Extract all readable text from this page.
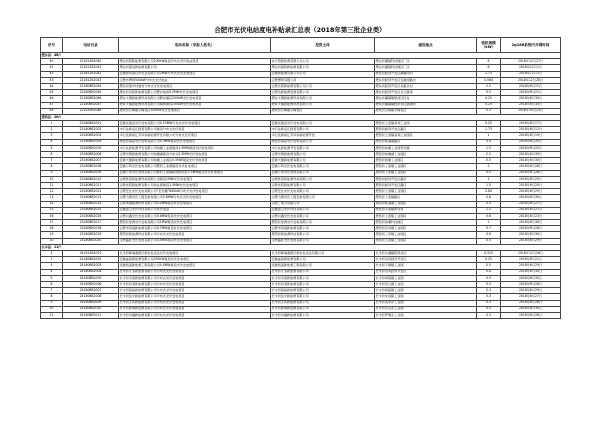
合肥市光伏电站度电补贴录汇总表（2018年第三批企业类）
序号	电站目录	电站名称（申报人姓名）	投资主体	建设地点	装机规模（kW）	2g186系统内并网时间
肥东县：48户						
40	221812B2040	肥东县阳新能源有限公司100kW屋顶分布式光伏电站项目	东方阳新能源有限公司公司	肥东县撮镇科技园区厂区	6	2018年12月27日
41	221812B2041	肥东县富发新能源有限公司	肥东县富和新能源有限公司	肥东县撮镇科技园区厂区	8	2018年12月1日
42	221812B2042	安徽新希望白帝乳业有限公司2MW分布式光伏发电项目	安徽新能源有限公司公司	肥东县经济开发区撮镇园内	1.73	2018年12月1日
43	221812B2043	合肥市博利500kW分布式光伏电站	合肥博利有限公司	肥东县经济开发区安徽园路内	0.584	2018年12月28日
44	221806B2044	肥东县建中材建材分布式光伏发电项目	合肥光照新能源有限公司公司	肥东县经济开发区东路北村	2.5	2018年6月21日
45	221806B2045	肥东县众新新能源有限公司肥东枝桥0.2MW光伏发电项目	合肥众新能源发展有限公司	肥东县经济开发区长江路南	0.5	2018年6月21日
46	221806B2046	肥东天顺新能源科技有限公司肥东镇区250kW光伏发电项目	肥东天顺新能源科技有限公司	肥东县撮镇镇德昌庆区村	0.25	2018年6月30日
47	221806B2047	肥东天顺新能源科技有限公司梅林屋顶250kW光伏发电项目	肥东天顺新能源科技有限公司	肥东县撮镇镇经济东区路道村	0.25	2018年6月30日
48	221810B2048	肥东县元峰镇元峰社区300kW光伏发电项目	肥东县元峰镇元峰社区	肥东县元峰镇元峰社区	0.3	2018年10月23日
肥西县：20户						
1	231808B2001	安徽省建昌光伏发电有限公司0.25MW分布式光伏发电项目	安徽省建昌光伏发电有限公司	肥西县上派镇高刘工业园	0.25	2018年8月17日
2	231806B2002	中石化新安江经营有限公司屋顶分布式光伏项目	中石化新安江经营有限公司	肥西县经济开发区路区	1.73	2018年6月12日
3	231806B2003	中石化新星江苏华东新能源开发有限公司分布式光伏项目	中石化新星江苏华东新能源开发	肥西县上派镇高刘工业园区	1	2018年6月19日
4	231806B2004	肥西县海铭光伏发电有限公司0.3MW屋顶光伏发电项目	肥西县海铭光伏发电有限公司	肥西县紫蓬镇路区	0.3	2018年6月20日
5	231806B2005	中石化新能源开发有限公司柏堰工业园屋顶1.5MW屋顶光伏发电项目	中石化新能源开发有限公司	肥西县柏堰工业园科学路	1.5	2018年6月22日
6	231806B2006	合肥光明新能源有限公司柏堰湖屋顶分布式2.5MW光伏发电项目	合肥光明新能源有限公司	肥西县柏堰湖工业园区	2.5	2018年6月30日
7	231806B2007	安徽天聚新能源有限公司柏堰工业园区0.5MW屋顶光伏发电项目	安徽天聚新能源有限公司	肥西县柏堰工业园区	0.5	2018年6月30日
8	231806B2008	安徽万利光伏发电有限公司肥西工业园屋顶光伏发电项目	安徽万利光伏发电有限公司	肥西县上派镇工业园区	2	2018年6月28日
9	231806B2009	安徽万利光伏发电有限公司肥西上派镇新能源项目0.5MW屋顶光伏发电项目	安徽万利光伏发电有限公司	肥西县上派镇工业园区	0.5	2018年6月28日
10	231806B2010	合肥欣荣新能源科技有限公司屋顶1MW光伏发电项目	合肥欣荣新能源科技有限公司	肥西县经济开发区路区	1	2018年6月29日
11	231806B2011	合肥光阳新能源有限公司创业园屋顶1.5MW光伏发电项目	合肥光阳新能源有限公司	肥西县经济开发区路区	1.5	2018年6月20日
12	231806B2012	合肥宏达光伏发电有限公司“宏光棚”840kW分布式光伏发电项目	合肥宏达光伏发电有限公司	肥西县上派镇工业园区	0.84	2018年6月29日
13	231806B2013	合肥力源光伏工程安装有限公司0.8MW分布式光伏发电项目	合肥力源光伏工程安装有限公司	肥西县上派镇路区	0.8	2018年6月30日
14	231806B2014	合肥琦瑞能源材料有限公司0.3MW屋顶光伏发电项目	合肥二电力有限公司	肥西县紫蓬镇工业园区	0.3	2018年6月27日
15	231806B2015	安徽盈合光伏科技有限公司光伏电站	安徽盈合光伏科技有限公司	肥西县山南镇新村村	1.2	2018年6月21日
16	231806B2016	合肥兴鑫光伏发电有限公司0.6MW屋顶光伏发电项目	合肥兴鑫光伏发电有限公司	肥西县上派镇工业园区	0.6	2018年6月23日
17	231806B2017	肥西县金源光伏发电有限公司1MW屋顶光伏发电项目	肥西县金源光伏发电有限公司	肥西县柏堰科技园区	1	2018年6月30日
18	231806B2018	合肥市佰盛新能源有限公司0.7MW屋顶光伏发电项目	合肥市佰盛新能源有限公司	肥西县花岗镇工业园区	0.7	2018年6月28日
19	231806B2019	肥西县新能源科技有限公司分布式光伏发电项目	肥西县新能源科技有限公司	肥西县三河镇工业园区	0.9	2018年6月30日
20	231806B2020	合肥晶旺光伏发电有限公司0.5MW屋顶光伏发电项目	合肥晶旺光伏发电有限公司	肥西县上派镇工业园区	0.5	2018年6月29日
长丰县：11户						
1	241812B2001	长丰县晖瑞通德庆新农发农业光伏发电项目	长丰县晖瑞通德庆新农发农业有限公司	长丰县水湖镇陈郢社区	0.315	2018年12月26日
2	241806B2002	安徽晶凯新能源有限公司250kW屋顶光伏发电项目	安徽晶凯新能源有限公司	长丰县双凤经济开发区	0.25	2018年6月21日
3	241806B2003	安徽凯盛新能源工程有限公司0.5MW屋顶光伏发电项目	安徽凯盛新能源工程有限公司	长丰县下塘镇工业园	0.5	2018年6月29日
4	241806B2004	长丰县元龙新能源有限公司分布式光伏发电项目	长丰县元龙新能源有限公司	长丰县双凤经济开发区	0.4	2018年6月30日
5	241806B2005	长丰县众泰新能源有限公司分布式光伏发电项目	长丰县众泰新能源有限公司	长丰县岗集镇工业园	0.3	2018年6月30日
6	241806B2006	长丰县恒泰新能源有限公司分布式光伏发电项目	长丰县恒泰新能源有限公司	长丰县吴山镇工业园	0.3	2018年6月28日
7	241806B2007	长丰县锐能新能源有限公司分布式光伏发电项目	长丰县锐能新能源有限公司	长丰县杨庙镇工业园	0.3	2018年6月29日
8	241806B2008	长丰县恒光新能源有限公司分布式光伏发电项目	长丰县恒光新能源有限公司	长丰县朱巷镇工业园	0.3	2018年6月27日
9	241806B2009	长丰县正和新能源有限公司分布式光伏发电项目	长丰县正和新能源有限公司	长丰县造甲乡工业园	0.3	2018年6月26日
10	241806B2010	长丰县新界新能源有限公司分布式光伏发电项目	长丰县新界新能源有限公司	长丰县左店乡工业园	0.3	2018年6月30日
11	241806B2011	长丰县光耀新能源有限公司分布式光伏发电项目	长丰县光耀新能源有限公司	长丰县罗塘乡工业园	0.3	2018年6月28日
